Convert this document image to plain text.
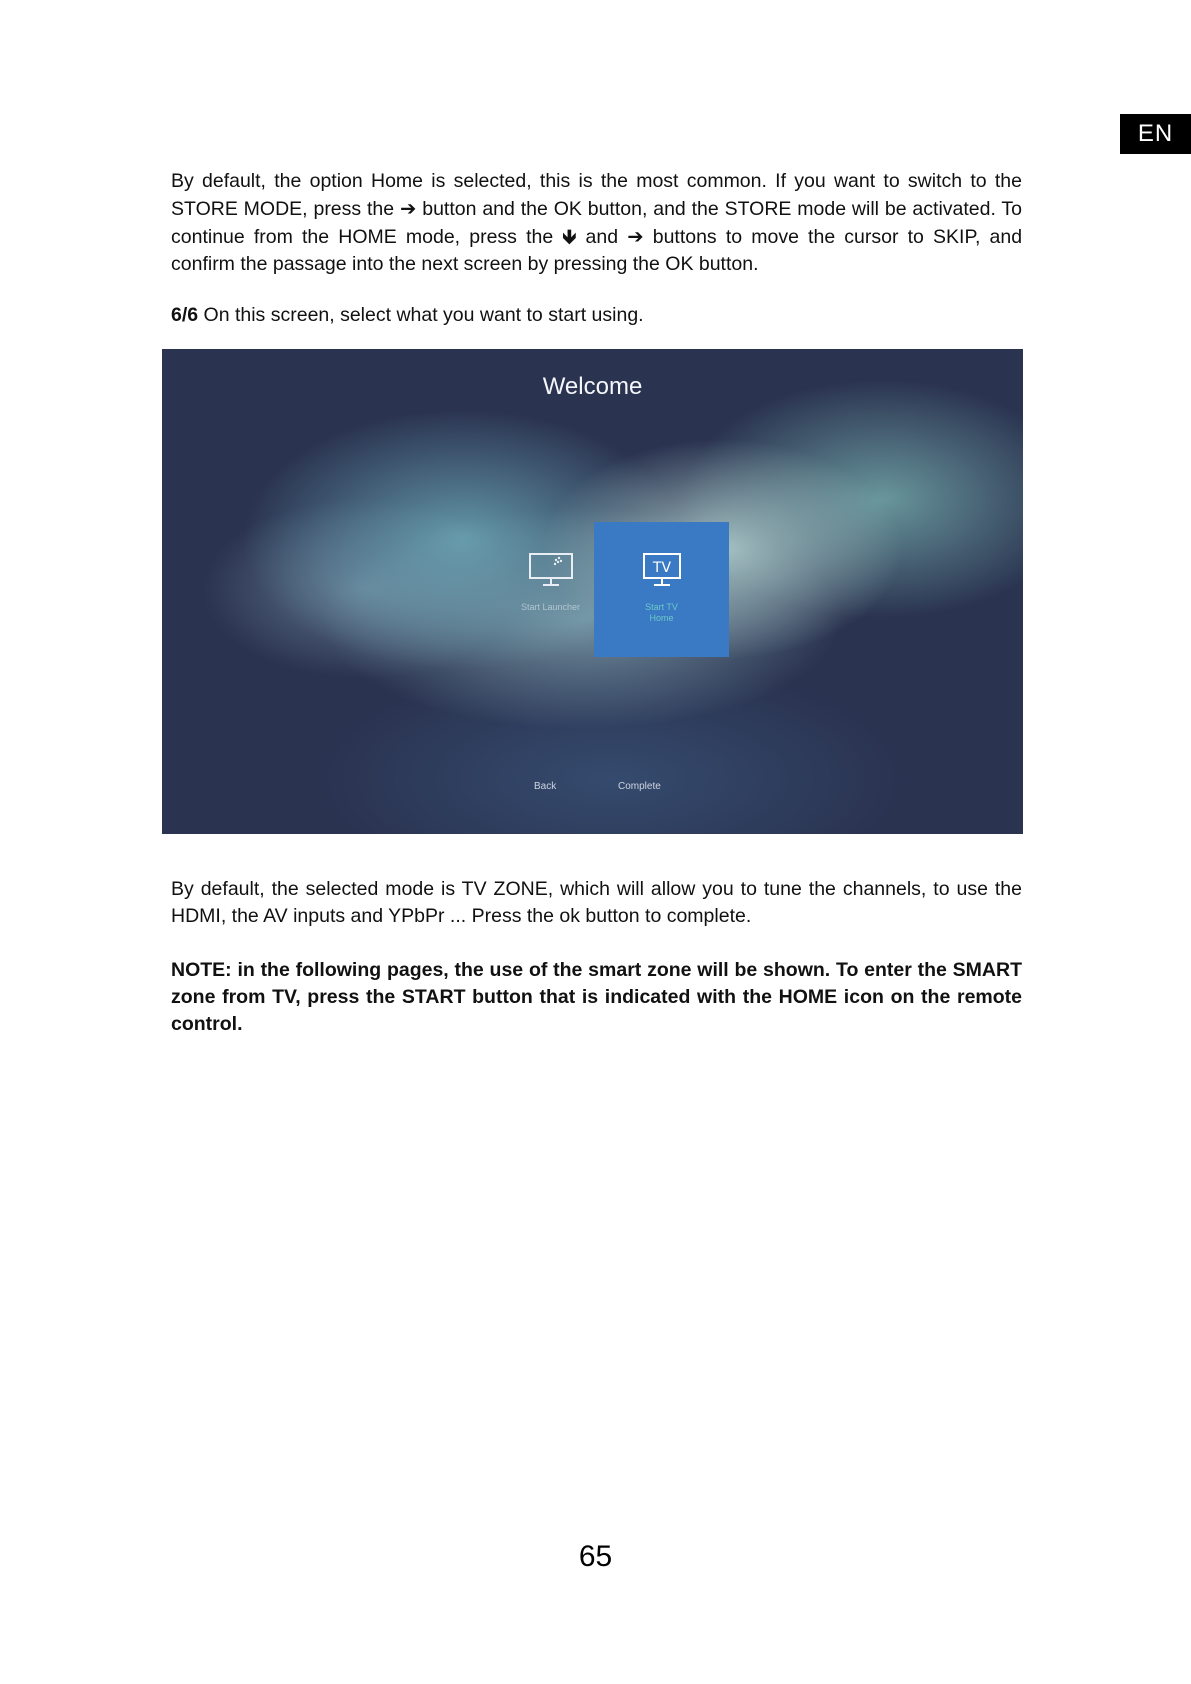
EN
By default, the option Home is selected, this is the most common. If you want to switch to the STORE MODE, press the ➔ button and the OK button, and the STORE mode will be activated. To continue from the HOME mode, press the 🡻 and ➔ buttons to move the cursor to SKIP, and confirm the passage into the next screen by pressing the OK button.
6/6 On this screen, select what you want to start using.
Welcome
Start Launcher
TV
Start TV
Home
Back	Complete
By default, the selected mode is TV ZONE, which will allow you to tune the channels, to use the HDMI, the AV inputs and YPbPr ... Press the ok button to complete.
NOTE: in the following pages, the use of the smart zone will be shown. To enter the SMART zone from TV, press the START button that is indicated with the HOME icon on the remote control.
65
